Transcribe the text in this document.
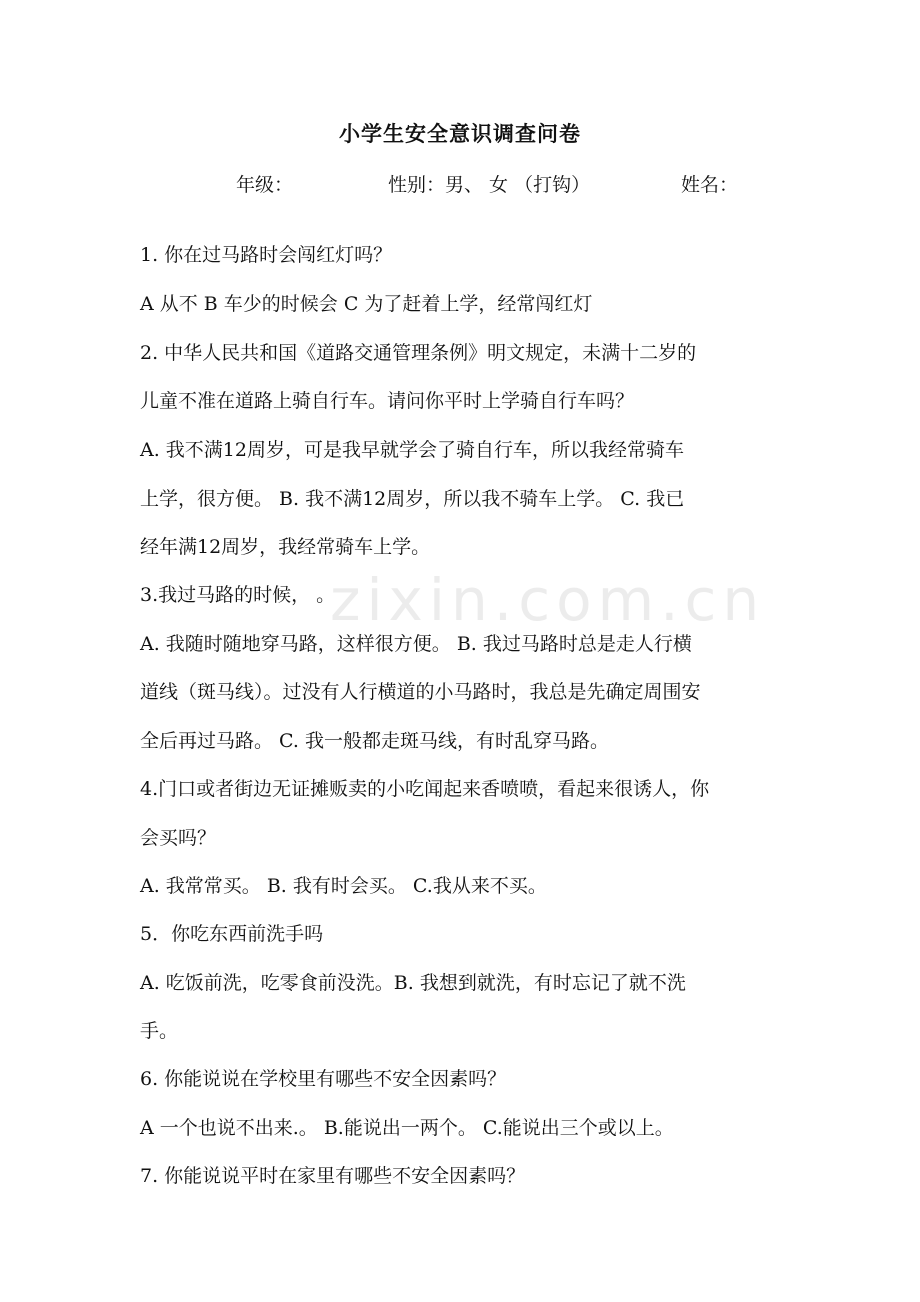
zixin.com.cn
小学生安全意识调查问卷
年级：	性别：男、 女 （打钩）	姓名：
1. 你在过马路时会闯红灯吗？
A 从不 B 车少的时候会 C 为了赶着上学，经常闯红灯
2. 中华人民共和国《道路交通管理条例》明文规定，未满十二岁的
儿童不准在道路上骑自行车。请问你平时上学骑自行车吗？
A. 我不满12周岁，可是我早就学会了骑自行车，所以我经常骑车
上学，很方便。 B. 我不满12周岁，所以我不骑车上学。 C. 我已
经年满12周岁，我经常骑车上学。
3.我过马路的时候， 。
A. 我随时随地穿马路，这样很方便。 B. 我过马路时总是走人行横
道线（斑马线）。过没有人行横道的小马路时，我总是先确定周围安
全后再过马路。 C. 我一般都走斑马线，有时乱穿马路。
4.门口或者街边无证摊贩卖的小吃闻起来香喷喷，看起来很诱人，你
会买吗？
A. 我常常买。 B. 我有时会买。 C.我从来不买。
5．你吃东西前洗手吗
A. 吃饭前洗，吃零食前没洗。B. 我想到就洗，有时忘记了就不洗
手。
6. 你能说说在学校里有哪些不安全因素吗？
A 一个也说不出来.。 B.能说出一两个。 C.能说出三个或以上。
7. 你能说说平时在家里有哪些不安全因素吗？
